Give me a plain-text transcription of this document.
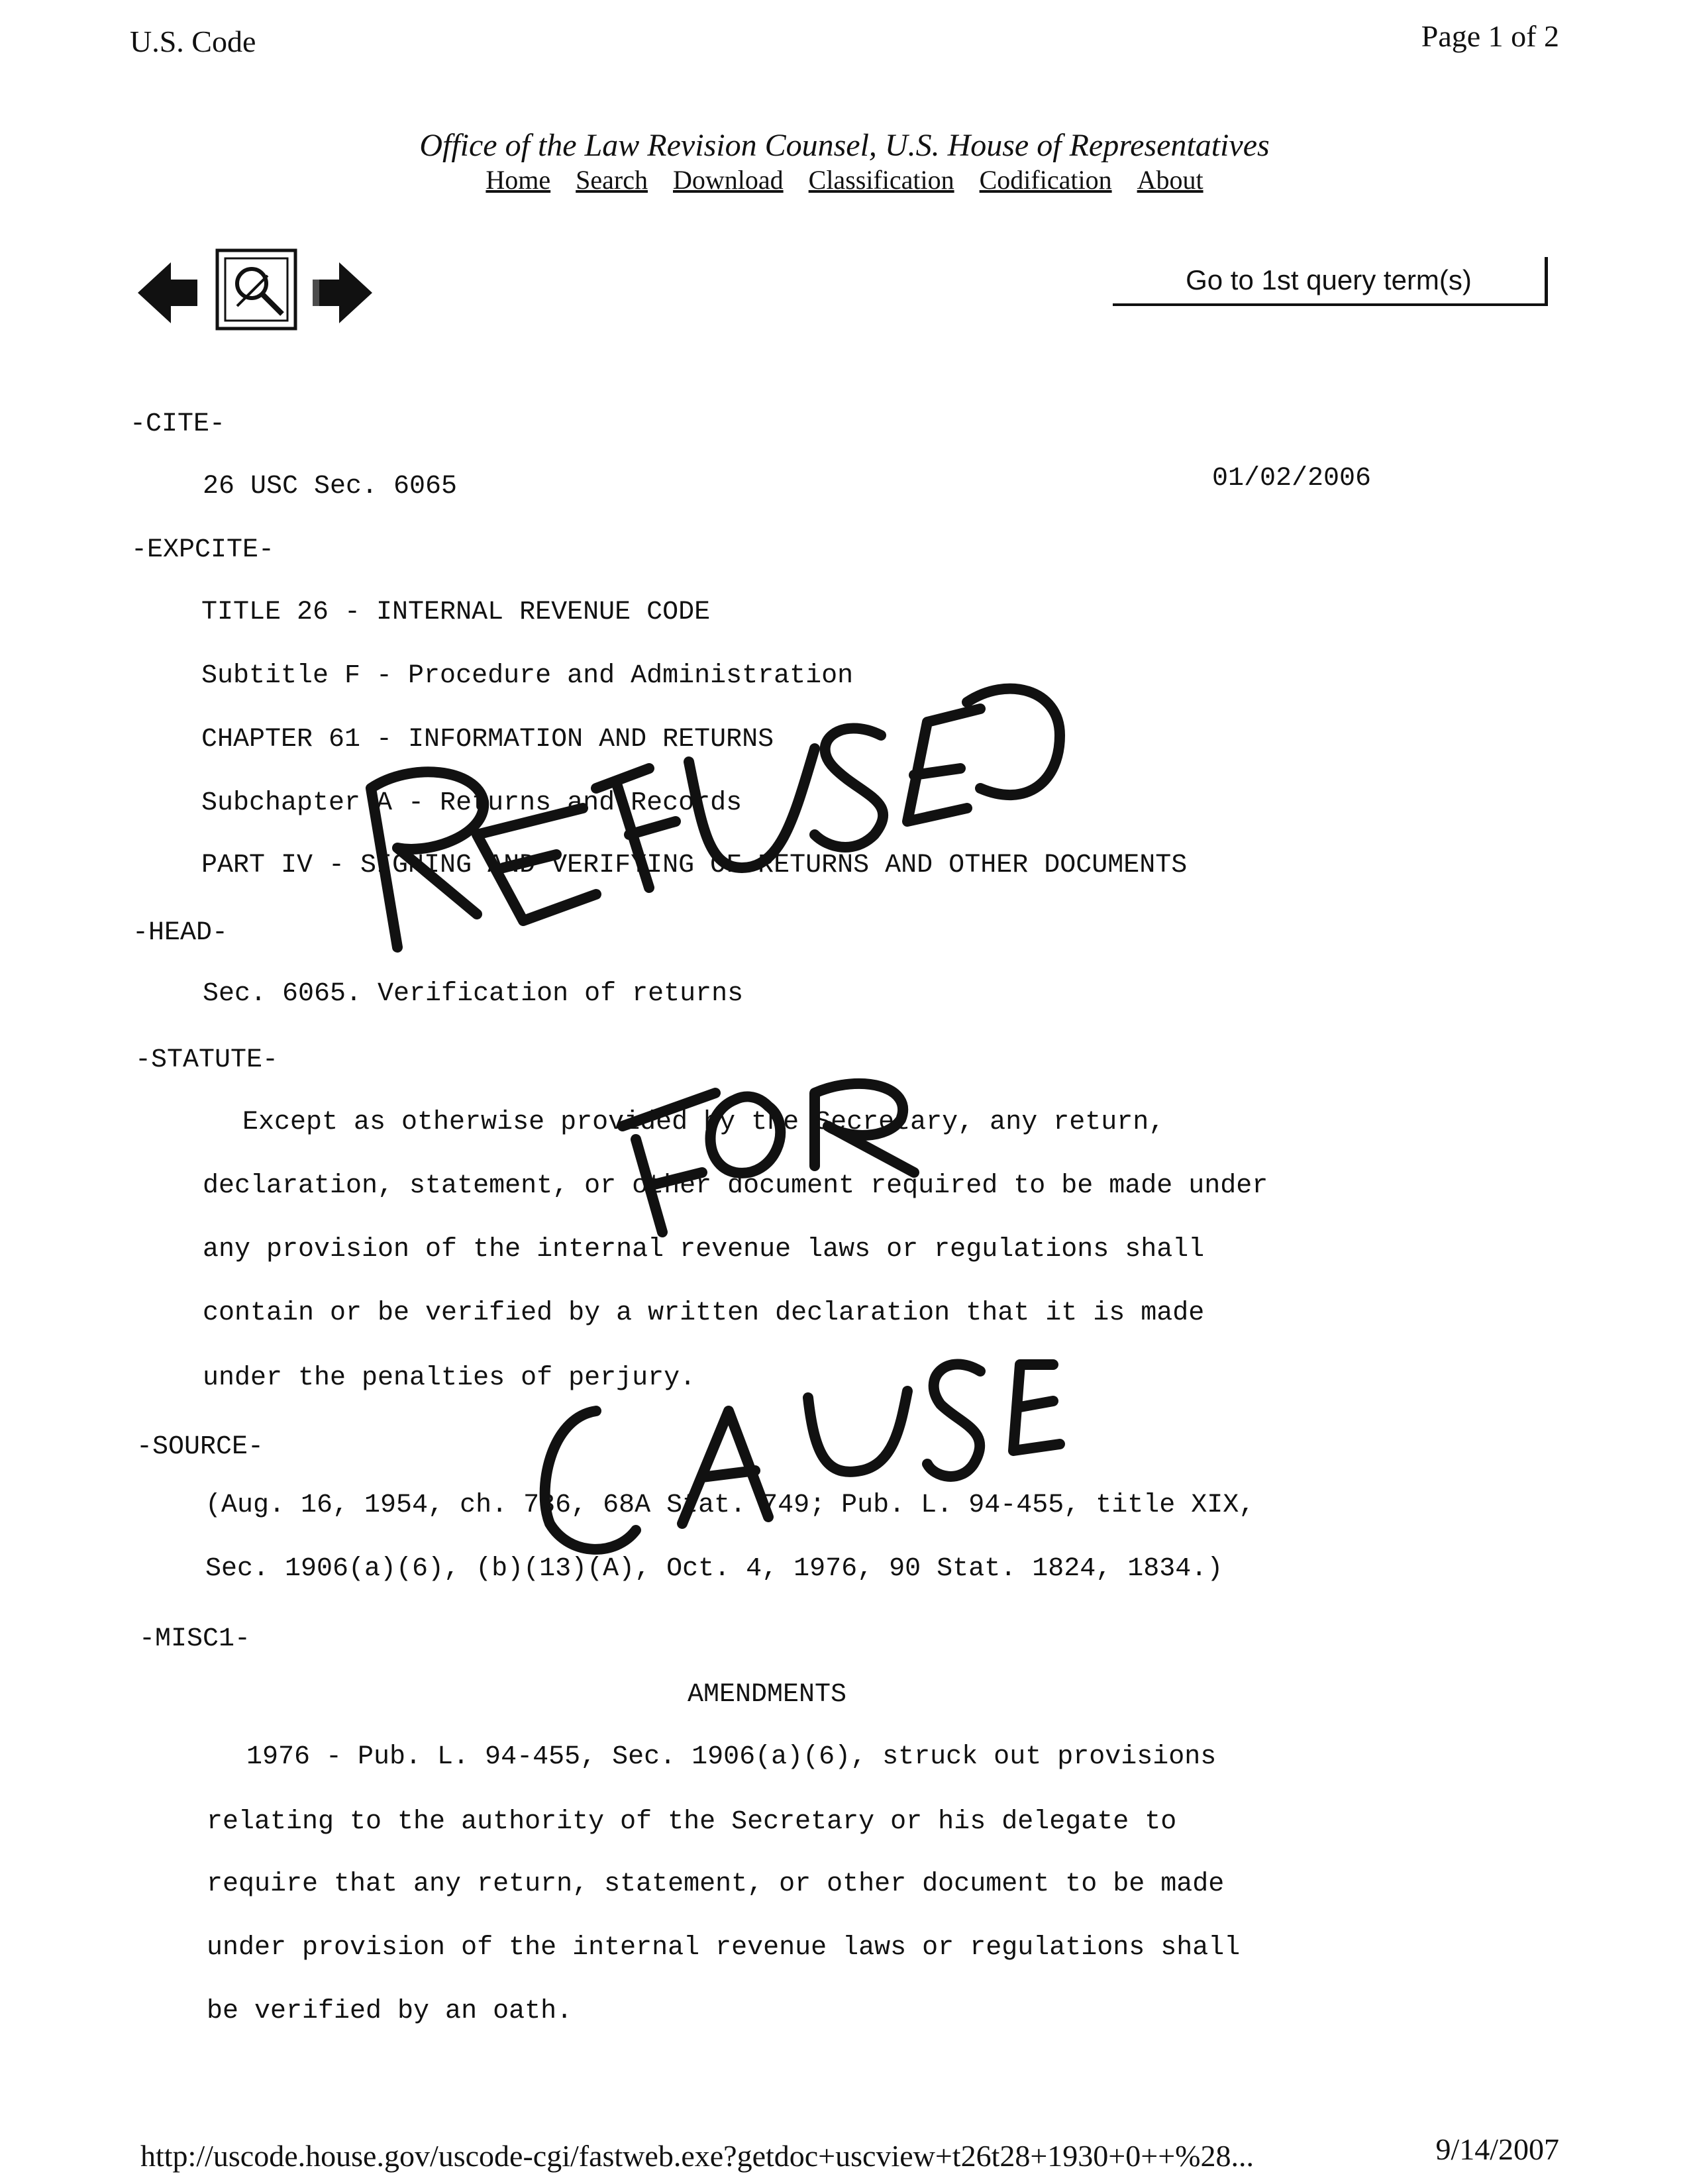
U.S. Code	Page 1 of 2
Office of the Law Revision Counsel, U.S. House of Representatives
Home Search Download Classification Codification About
Go to 1st query term(s)
-CITE-
26 USC Sec. 6065	01/02/2006
-EXPCITE-
TITLE 26 - INTERNAL REVENUE CODE
Subtitle F - Procedure and Administration
CHAPTER 61 - INFORMATION AND RETURNS
Subchapter A - Returns and Records
PART IV - SIGNING AND VERIFYING OF RETURNS AND OTHER DOCUMENTS
-HEAD-
Sec. 6065. Verification of returns
-STATUTE-
Except as otherwise provided by the Secretary, any return,
declaration, statement, or other document required to be made under
any provision of the internal revenue laws or regulations shall
contain or be verified by a written declaration that it is made
under the penalties of perjury.
-SOURCE-
(Aug. 16, 1954, ch. 736, 68A Stat. 749; Pub. L. 94-455, title XIX,
Sec. 1906(a)(6), (b)(13)(A), Oct. 4, 1976, 90 Stat. 1824, 1834.)
-MISC1-
AMENDMENTS
1976 - Pub. L. 94-455, Sec. 1906(a)(6), struck out provisions
relating to the authority of the Secretary or his delegate to
require that any return, statement, or other document to be made
under provision of the internal revenue laws or regulations shall
be verified by an oath.
http://uscode.house.gov/uscode-cgi/fastweb.exe?getdoc+uscview+t26t28+1930+0++%28...	9/14/2007
